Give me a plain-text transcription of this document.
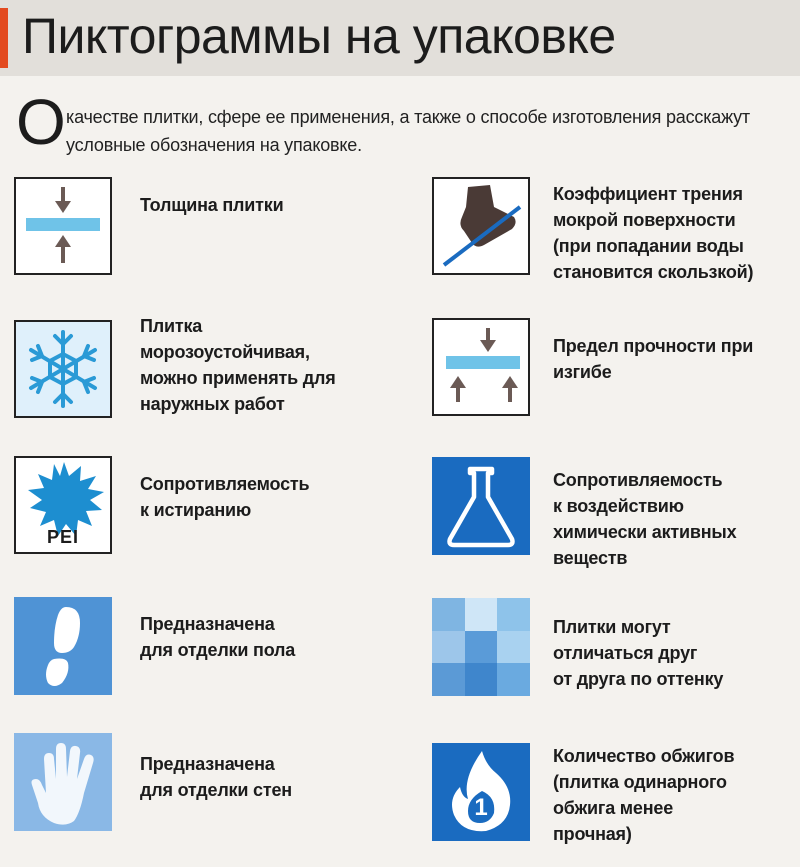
Пиктограммы на упаковке
О качестве плитки, сфере ее применения, а также о способе изготовления расскажут условные обозначения на упаковке.
Толщина плитки
Коэффициент трения
мокрой поверхности
(при попадании воды
становится скользкой)
Плитка
морозоустойчивая,
можно применять для
наружных работ
Предел прочности при
изгибе
PEI
Сопротивляемость
к истиранию
Сопротивляемость
к воздействию
химически активных
веществ
Предназначена
для отделки пола
Плитки могут
отличаться друг
от друга по оттенку
Предназначена
для отделки стен
1
Количество обжигов
(плитка одинарного
обжига менее
прочная)
